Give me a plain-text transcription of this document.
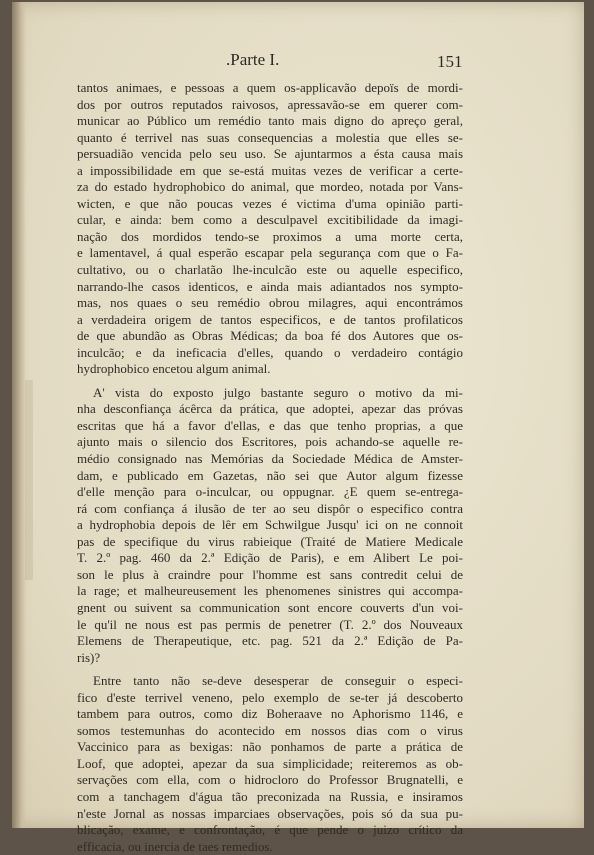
.Parte I.	151
tantos animaes, e pessoas a quem os-applicavão depoïs de mordi-
dos por outros reputados raivosos, apressavão-se em querer com-
municar ao Público um remédio tanto mais digno do apreço geral,
quanto é terrivel nas suas consequencias a molestia que elles se-
persuadião vencida pelo seu uso. Se ajuntarmos a ésta causa mais
a impossibilidade em que se-está muitas vezes de verificar a certe-
za do estado hydrophobico do animal, que mordeo, notada por Vans-
wicten, e que não poucas vezes é victima d'uma opinião parti-
cular, e ainda: bem como a desculpavel excitibilidade da imagi-
nação dos mordidos tendo-se proximos a uma morte certa,
e lamentavel, á qual esperão escapar pela segurança com que o Fa-
cultativo, ou o charlatão lhe-inculcão este ou aquelle especifico,
narrando-lhe casos identicos, e ainda mais adiantados nos sympto-
mas, nos quaes o seu remédio obrou milagres, aqui encontrámos
a verdadeira origem de tantos especificos, e de tantos profilaticos
de que abundão as Obras Médicas; da boa fé dos Autores que os-
inculcão; e da ineficacia d'elles, quando o verdadeiro contágio
hydrophobico encetou algum animal.
A' vista do exposto julgo bastante seguro o motivo da mi-
nha desconfiança ácêrca da prática, que adoptei, apezar das próvas
escritas que há a favor d'ellas, e das que tenho proprias, a que
ajunto mais o silencio dos Escritores, pois achando-se aquelle re-
médio consignado nas Memórias da Sociedade Médica de Amster-
dam, e publicado em Gazetas, não sei que Autor algum fizesse
d'elle menção para o-inculcar, ou oppugnar. ¿E quem se-entrega-
rá com confiança á ilusão de ter ao seu dispôr o especifico contra
a hydrophobia depois de lêr em Schwilgue Jusqu' ici on ne connoit
pas de specifique du virus rabieique (Traité de Matiere Medicale
T. 2.º pag. 460 da 2.ª Edição de Paris), e em Alibert Le poi-
son le plus à craindre pour l'homme est sans contredit celui de
la rage; et malheureusement les phenomenes sinistres qui accompa-
gnent ou suivent sa communication sont encore couverts d'un voi-
le qu'il ne nous est pas permis de penetrer (T. 2.º dos Nouveaux
Elemens de Therapeutique, etc. pag. 521 da 2.ª Edição de Pa-
ris)?
Entre tanto não se-deve desesperar de conseguir o especi-
fico d'este terrivel veneno, pelo exemplo de se-ter já descoberto
tambem para outros, como diz Boheraave no Aphorismo 1146, e
somos testemunhas do acontecido em nossos dias com o virus
Vaccinico para as bexigas: não ponhamos de parte a prática de
Loof, que adoptei, apezar da sua simplicidade; reiteremos as ob-
servações com ella, com o hidrocloro do Professor Brugnatelli, e
com a tanchagem d'água tão preconizada na Russia, e insiramos
n'este Jornal as nossas imparciaes observações, pois só da sua pu-
blicação, exame, e confrontação, é que pende o juizo crítico da
efficacia, ou inercia de taes remedios.
